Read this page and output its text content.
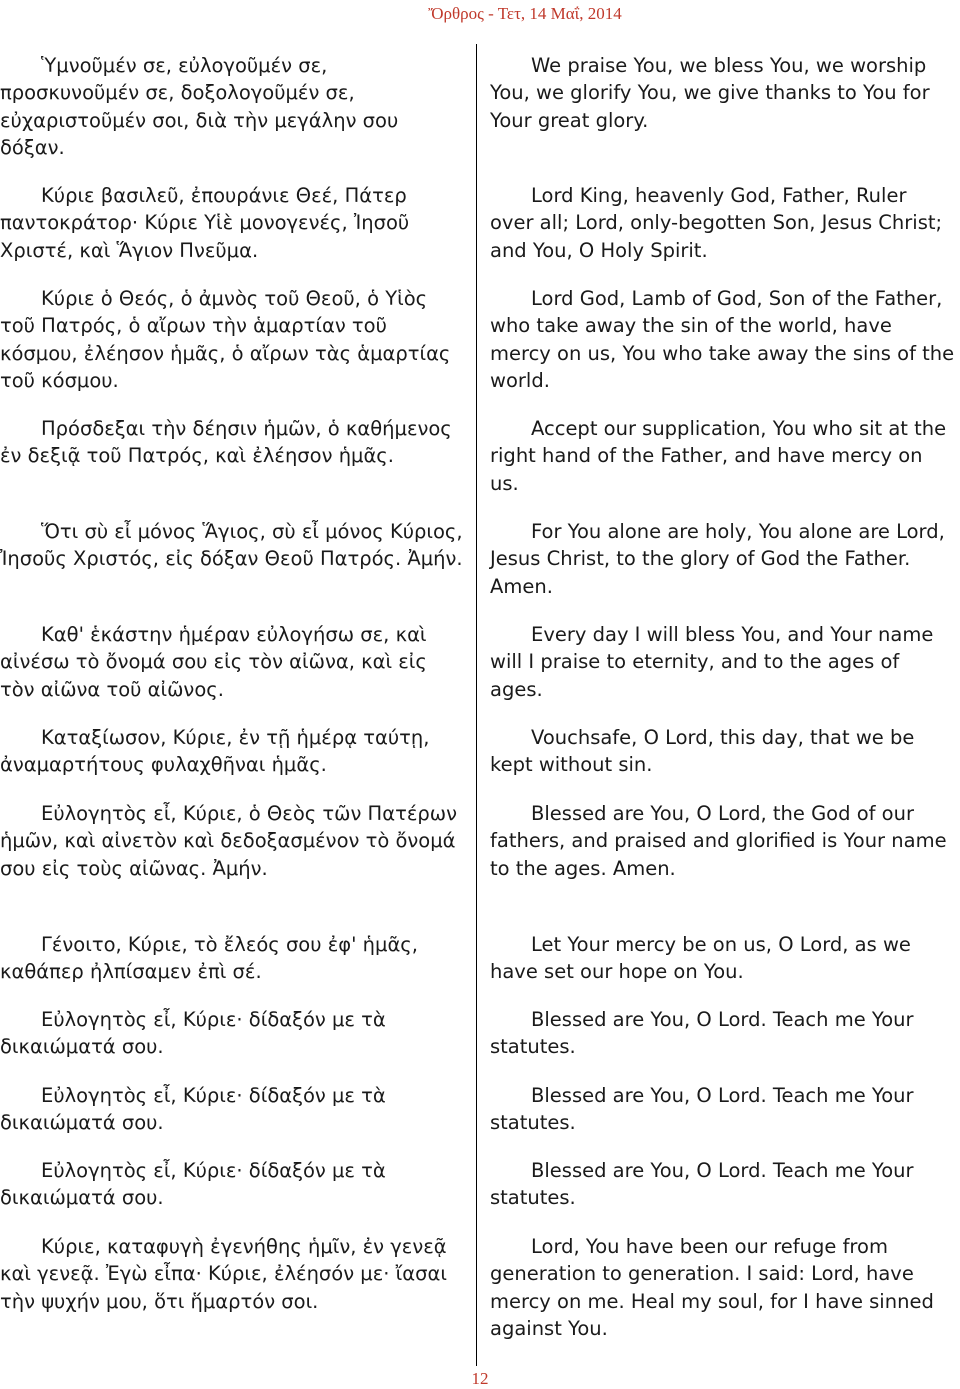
Ὄρθρος - Τετ, 14 Μαΐ, 2014

Ὑμνοῦμέν σε, εὐλογοῦμέν σε, προσκυνοῦμέν σε, δοξολογοῦμέν σε, εὐχαριστοῦμέν σοι, διὰ τὴν μεγάλην σου δόξαν.

Κύριε βασιλεῦ, ἐπουράνιε Θεέ, Πάτερ παντοκράτορ· Κύριε Υἱὲ μονογενές, Ἰησοῦ Χριστέ, καὶ Ἅγιον Πνεῦμα.

Κύριε ὁ Θεός, ὁ ἀμνὸς τοῦ Θεοῦ, ὁ Υἱὸς τοῦ Πατρός, ὁ αἴρων τὴν ἁμαρτίαν τοῦ κόσμου, ἐλέησον ἡμᾶς, ὁ αἴρων τὰς ἁμαρτίας τοῦ κόσμου.

Πρόσδεξαι τὴν δέησιν ἡμῶν, ὁ καθήμενος ἐν δεξιᾷ τοῦ Πατρός, καὶ ἐλέησον ἡμᾶς.

Ὅτι σὺ εἶ μόνος Ἅγιος, σὺ εἶ μόνος Κύριος, Ἰησοῦς Χριστός, εἰς δόξαν Θεοῦ Πατρός. Ἀμήν.

Καθ' ἑκάστην ἡμέραν εὐλογήσω σε, καὶ αἰνέσω τὸ ὄνομά σου εἰς τὸν αἰῶνα, καὶ εἰς τὸν αἰῶνα τοῦ αἰῶνος.

Καταξίωσον, Κύριε, ἐν τῇ ἡμέρᾳ ταύτῃ, ἀναμαρτήτους φυλαχθῆναι ἡμᾶς.

Εὐλογητὸς εἶ, Κύριε, ὁ Θεὸς τῶν Πατέρων ἡμῶν, καὶ αἰνετὸν καὶ δεδοξασμένον τὸ ὄνομά σου εἰς τοὺς αἰῶνας. Ἀμήν.

Γένοιτο, Κύριε, τὸ ἔλεός σου ἐφ' ἡμᾶς, καθάπερ ἠλπίσαμεν ἐπὶ σέ.

Εὐλογητὸς εἶ, Κύριε· δίδαξόν με τὰ δικαιώματά σου.

Εὐλογητὸς εἶ, Κύριε· δίδαξόν με τὰ δικαιώματά σου.

Εὐλογητὸς εἶ, Κύριε· δίδαξόν με τὰ δικαιώματά σου.

Κύριε, καταφυγὴ ἐγενήθης ἡμῖν, ἐν γενεᾷ καὶ γενεᾷ. Ἐγὼ εἶπα· Κύριε, ἐλέησόν με· ἴασαι τὴν ψυχήν μου, ὅτι ἥμαρτόν σοι.

We praise You, we bless You, we worship You, we glorify You, we give thanks to You for Your great glory.

Lord King, heavenly God, Father, Ruler over all; Lord, only-begotten Son, Jesus Christ; and You, O Holy Spirit.

Lord God, Lamb of God, Son of the Father, who take away the sin of the world, have mercy on us, You who take away the sins of the world.

Accept our supplication, You who sit at the right hand of the Father, and have mercy on us.

For You alone are holy, You alone are Lord, Jesus Christ, to the glory of God the Father. Amen.

Every day I will bless You, and Your name will I praise to eternity, and to the ages of ages.

Vouchsafe, O Lord, this day, that we be kept without sin.

Blessed are You, O Lord, the God of our fathers, and praised and glorified is Your name to the ages. Amen.

Let Your mercy be on us, O Lord, as we have set our hope on You.

Blessed are You, O Lord. Teach me Your statutes.

Blessed are You, O Lord. Teach me Your statutes.

Blessed are You, O Lord. Teach me Your statutes.

Lord, You have been our refuge from generation to generation. I said: Lord, have mercy on me. Heal my soul, for I have sinned against You.

12
